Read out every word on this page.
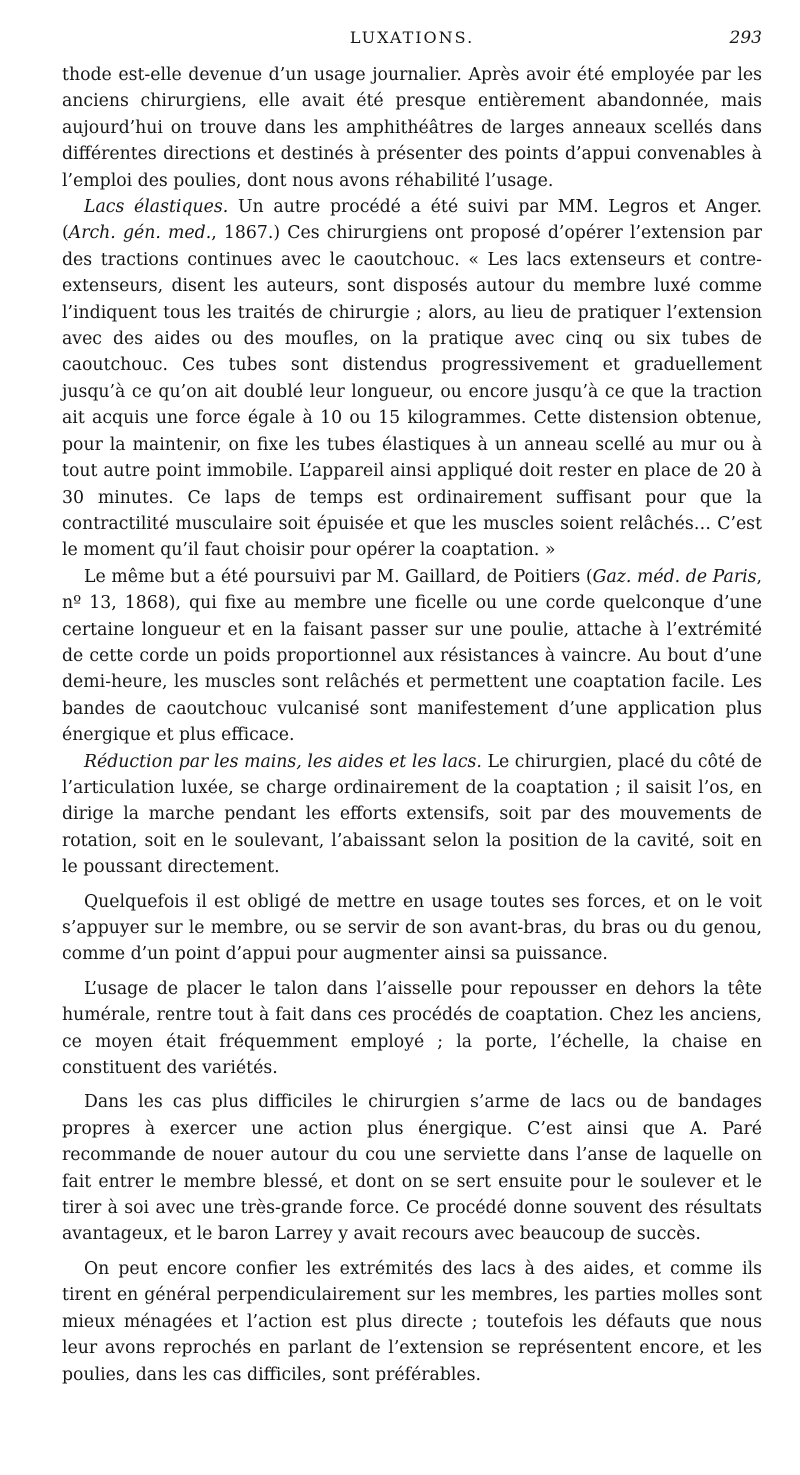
LUXATIONS.	293

thode est-elle devenue d’un usage journalier. Après avoir été employée par les anciens chirurgiens, elle avait été presque entièrement abandonnée, mais aujourd’hui on trouve dans les amphithéâtres de larges anneaux scellés dans différentes directions et destinés à présenter des points d’appui convenables à l’emploi des poulies, dont nous avons réhabilité l’usage.

Lacs élastiques. Un autre procédé a été suivi par MM. Legros et Anger. (Arch. gén. med., 1867.) Ces chirurgiens ont proposé d’opérer l’extension par des tractions continues avec le caoutchouc. « Les lacs extenseurs et contre-extenseurs, disent les auteurs, sont disposés autour du membre luxé comme l’indiquent tous les traités de chirurgie ; alors, au lieu de pratiquer l’extension avec des aides ou des moufles, on la pratique avec cinq ou six tubes de caoutchouc. Ces tubes sont distendus progressivement et graduellement jusqu’à ce qu’on ait doublé leur longueur, ou encore jusqu’à ce que la traction ait acquis une force égale à 10 ou 15 kilogrammes. Cette distension obtenue, pour la maintenir, on fixe les tubes élastiques à un anneau scellé au mur ou à tout autre point immobile. L’appareil ainsi appliqué doit rester en place de 20 à 30 minutes. Ce laps de temps est ordinairement suffisant pour que la contractilité musculaire soit épuisée et que les muscles soient relâchés… C’est le moment qu’il faut choisir pour opérer la coaptation. »

Le même but a été poursuivi par M. Gaillard, de Poitiers (Gaz. méd. de Paris, nº 13, 1868), qui fixe au membre une ficelle ou une corde quelconque d’une certaine longueur et en la faisant passer sur une poulie, attache à l’extrémité de cette corde un poids proportionnel aux résistances à vaincre. Au bout d’une demi-heure, les muscles sont relâchés et permettent une coaptation facile. Les bandes de caoutchouc vulcanisé sont manifestement d’une application plus énergique et plus efficace.

Réduction par les mains, les aides et les lacs. Le chirurgien, placé du côté de l’articulation luxée, se charge ordinairement de la coaptation ; il saisit l’os, en dirige la marche pendant les efforts extensifs, soit par des mouvements de rotation, soit en le soulevant, l’abaissant selon la position de la cavité, soit en le poussant directement.

Quelquefois il est obligé de mettre en usage toutes ses forces, et on le voit s’appuyer sur le membre, ou se servir de son avant-bras, du bras ou du genou, comme d’un point d’appui pour augmenter ainsi sa puissance.

L’usage de placer le talon dans l’aisselle pour repousser en dehors la tête humérale, rentre tout à fait dans ces procédés de coaptation. Chez les anciens, ce moyen était fréquemment employé ; la porte, l’échelle, la chaise en constituent des variétés.

Dans les cas plus difficiles le chirurgien s’arme de lacs ou de bandages propres à exercer une action plus énergique. C’est ainsi que A. Paré recommande de nouer autour du cou une serviette dans l’anse de laquelle on fait entrer le membre blessé, et dont on se sert ensuite pour le soulever et le tirer à soi avec une très-grande force. Ce procédé donne souvent des résultats avantageux, et le baron Larrey y avait recours avec beaucoup de succès.

On peut encore confier les extrémités des lacs à des aides, et comme ils tirent en général perpendiculairement sur les membres, les parties molles sont mieux ménagées et l’action est plus directe ; toutefois les défauts que nous leur avons reprochés en parlant de l’extension se représentent encore, et les poulies, dans les cas difficiles, sont préférables.
